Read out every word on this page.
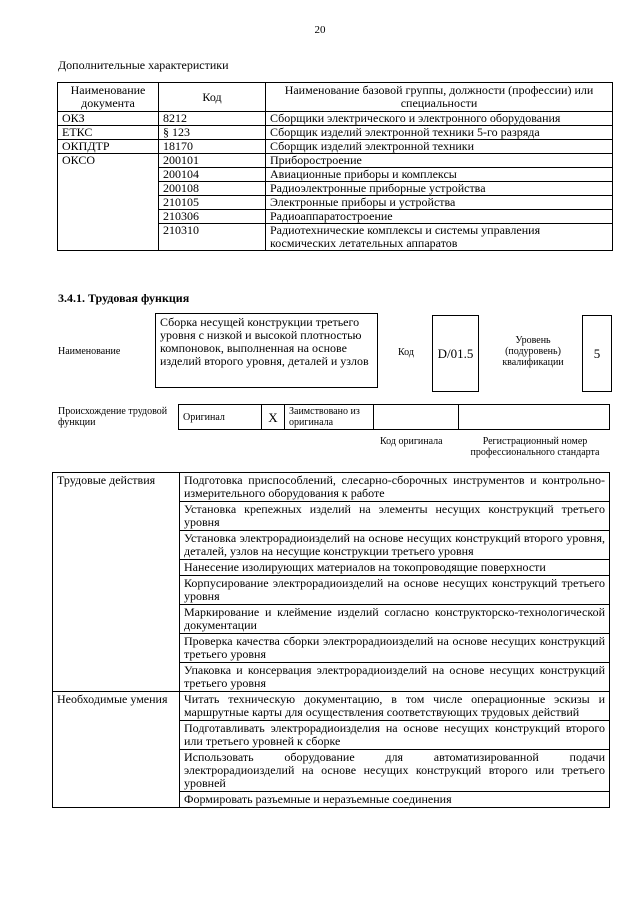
20
Дополнительные характеристики
Наименование документа	Код	Наименование базовой группы, должности (профессии) или специальности
ОКЗ	8212	Сборщики электрического и электронного оборудования
ЕТКС	§ 123	Сборщик изделий электронной техники 5-го разряда
ОКПДТР	18170	Сборщик изделий электронной техники
ОКСО	200101	Приборостроение
	200104	Авиационные приборы и комплексы
	200108	Радиоэлектронные приборные устройства
	210105	Электронные приборы и устройства
	210306	Радиоаппаратостроение
	210310	Радиотехнические комплексы и системы управления космических летательных аппаратов
3.4.1. Трудовая функция
Наименование
Сборка несущей конструкции третьего уровня с низкой и высокой плотностью компоновок, выполненная на основе изделий второго уровня, деталей и узлов
Код	D/01.5
Уровень (подуровень) квалификации
5
Происхождение трудовой функции	Оригинал	X	Заимствовано из оригинала		
Код оригинала	Регистрационный номер профессионального стандарта
Трудовые действия	Подготовка приспособлений, слесарно-сборочных инструментов и контрольно-измерительного оборудования к работе
	Установка крепежных изделий на элементы несущих конструкций третьего уровня
	Установка электрорадиоизделий на основе несущих конструкций второго уровня, деталей, узлов на несущие конструкции третьего уровня
	Нанесение изолирующих материалов на токопроводящие поверхности
	Корпусирование электрорадиоизделий на основе несущих конструкций третьего уровня
	Маркирование и клеймение изделий согласно конструкторско-технологической документации
	Проверка качества сборки электрорадиоизделий на основе несущих конструкций третьего уровня
	Упаковка и консервация электрорадиоизделий на основе несущих конструкций третьего уровня
Необходимые умения	Читать техническую документацию, в том числе операционные эскизы и маршрутные карты для осуществления соответствующих трудовых действий
	Подготавливать электрорадиоизделия на основе несущих конструкций второго или третьего уровней к сборке
	Использовать оборудование для автоматизированной подачи электрорадиоизделий на основе несущих конструкций второго или третьего уровней
	Формировать разъемные и неразъемные соединения
